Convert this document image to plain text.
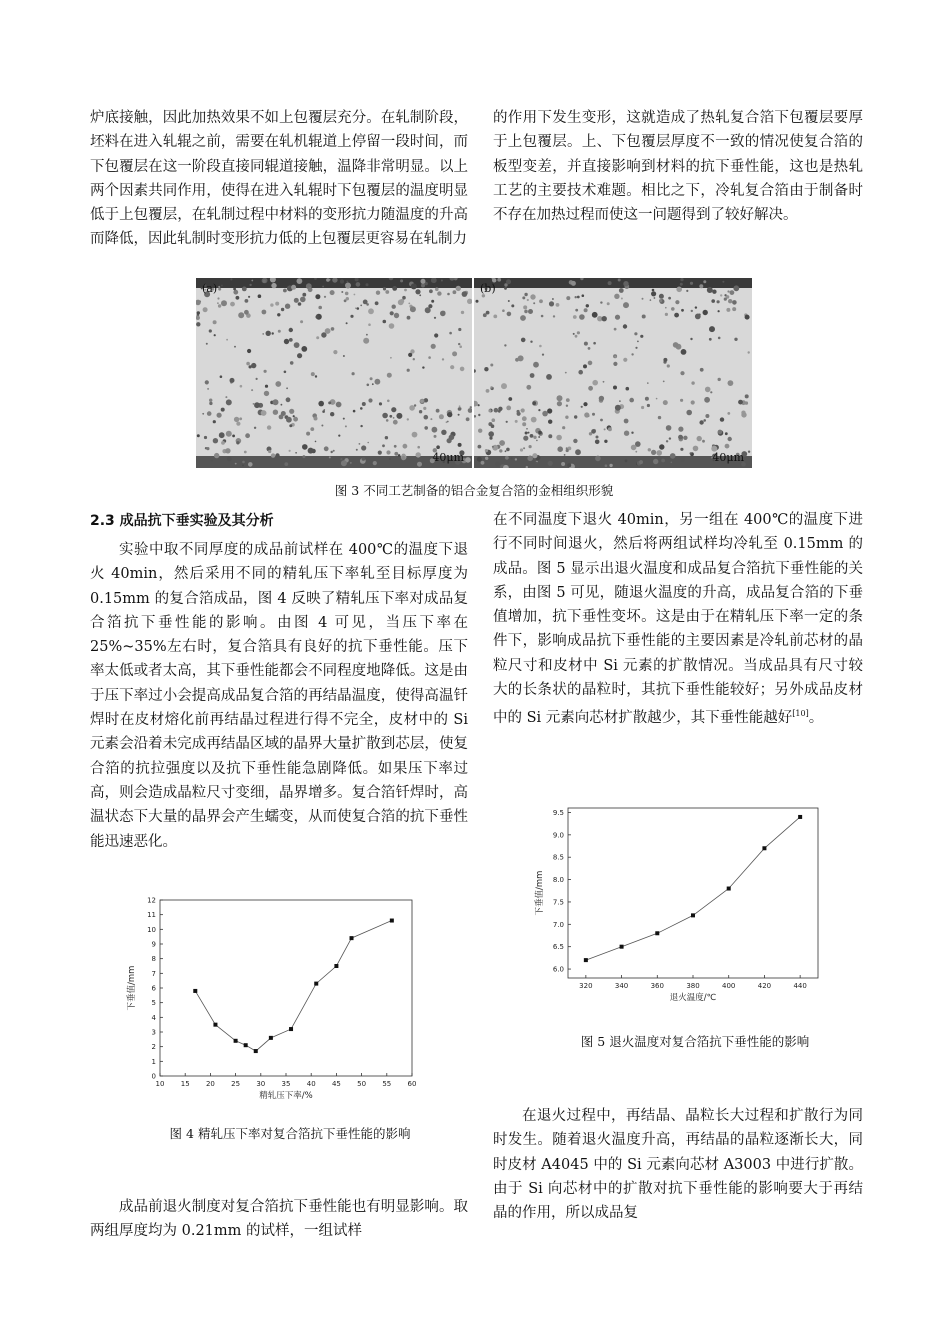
炉底接触，因此加热效果不如上包覆层充分。在轧制阶段，坯料在进入轧辊之前，需要在轧机辊道上停留一段时间，而下包覆层在这一阶段直接同辊道接触，温降非常明显。以上两个因素共同作用，使得在进入轧辊时下包覆层的温度明显低于上包覆层，在轧制过程中材料的变形抗力随温度的升高而降低，因此轧制时变形抗力低的上包覆层更容易在轧制力

的作用下发生变形，这就造成了热轧复合箔下包覆层要厚于上包覆层。上、下包覆层厚度不一致的情况使复合箔的板型变差，并直接影响到材料的抗下垂性能，这也是热轧工艺的主要技术难题。相比之下，冷轧复合箔由于制备时不存在加热过程而使这一问题得到了较好解决。

(a)
40μm
(b)
40μm
图 3 不同工艺制备的铝合金复合箔的金相组织形貌
2.3 成品抗下垂实验及其分析

实验中取不同厚度的成品前试样在 400℃的温度下退火 40min，然后采用不同的精轧压下率轧至目标厚度为 0.15mm 的复合箔成品，图 4 反映了精轧压下率对成品复合箔抗下垂性能的影响。由图 4 可见，当压下率在 25%~35%左右时，复合箔具有良好的抗下垂性能。压下率太低或者太高，其下垂性能都会不同程度地降低。这是由于压下率过小会提高成品复合箔的再结晶温度，使得高温钎焊时在皮材熔化前再结晶过程进行得不完全，皮材中的 Si 元素会沿着未完成再结晶区域的晶界大量扩散到芯层，使复合箔的抗拉强度以及抗下垂性能急剧降低。如果压下率过高，则会造成晶粒尺寸变细，晶界增多。复合箔钎焊时，高温状态下大量的晶界会产生蠕变，从而使复合箔的抗下垂性能迅速恶化。

在不同温度下退火 40min，另一组在 400℃的温度下进行不同时间退火，然后将两组试样均冷轧至 0.15mm 的成品。图 5 显示出退火温度和成品复合箔抗下垂性能的关系，由图 5 可见，随退火温度的升高，成品复合箔的下垂值增加，抗下垂性变坏。这是由于在精轧压下率一定的条件下，影响成品抗下垂性能的主要因素是冷轧前芯材的晶粒尺寸和皮材中 Si 元素的扩散情况。当成品具有尺寸较大的长条状的晶粒时，其抗下垂性能较好；另外成品皮材中的 Si 元素向芯材扩散越少，其下垂性能越好[10]。

320	340	360	380	400	420	440
6.0
6.5
7.0
7.5
8.0
8.5
9.0
9.5
退火温度/℃
下垂值/mm
图 5 退火温度对复合箔抗下垂性能的影响
10 15 20 25 30 35 40 45 50 55 60
0
1
2
3
4
5
6
7
8
9
10
11
12
精轧压下率/%
下垂值/mm
图 4 精轧压下率对复合箔抗下垂性能的影响

成品前退火制度对复合箔抗下垂性能也有明显影响。取两组厚度均为 0.21mm 的试样，一组试样

在退火过程中，再结晶、晶粒长大过程和扩散行为同时发生。随着退火温度升高，再结晶的晶粒逐渐长大，同时皮材 A4045 中的 Si 元素向芯材 A3003 中进行扩散。由于 Si 向芯材中的扩散对抗下垂性能的影响要大于再结晶的作用，所以成品复
